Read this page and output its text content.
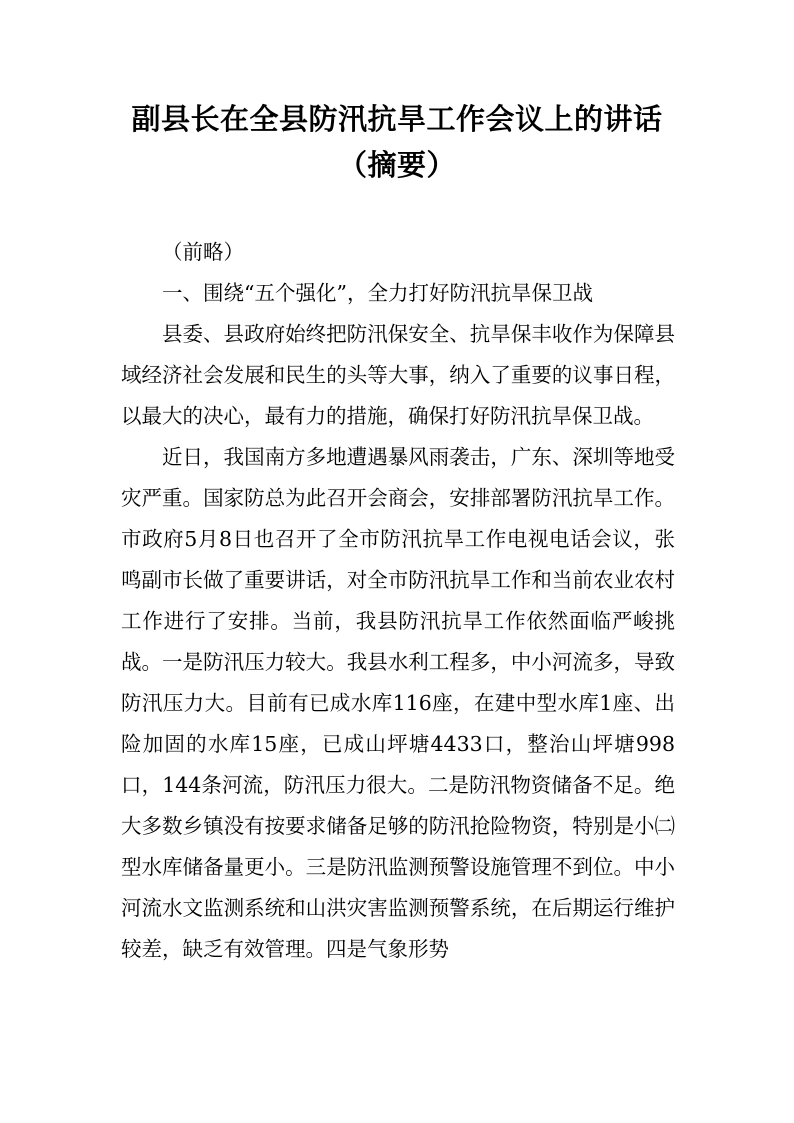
副县长在全县防汛抗旱工作会议上的讲话（摘要）

（前略）

一、围绕“五个强化”，全力打好防汛抗旱保卫战

县委、县政府始终把防汛保安全、抗旱保丰收作为保障县域经济社会发展和民生的头等大事，纳入了重要的议事日程，以最大的决心，最有力的措施，确保打好防汛抗旱保卫战。

近日，我国南方多地遭遇暴风雨袭击，广东、深圳等地受灾严重。国家防总为此召开会商会，安排部署防汛抗旱工作。市政府5月8日也召开了全市防汛抗旱工作电视电话会议，张鸣副市长做了重要讲话，对全市防汛抗旱工作和当前农业农村工作进行了安排。当前，我县防汛抗旱工作依然面临严峻挑战。一是防汛压力较大。我县水利工程多，中小河流多，导致防汛压力大。目前有已成水库116座，在建中型水库1座、出险加固的水库15座，已成山坪塘4433口，整治山坪塘998口，144条河流，防汛压力很大。二是防汛物资储备不足。绝大多数乡镇没有按要求储备足够的防汛抢险物资，特别是小㈡型水库储备量更小。三是防汛监测预警设施管理不到位。中小河流水文监测系统和山洪灾害监测预警系统，在后期运行维护较差，缺乏有效管理。四是气象形势
